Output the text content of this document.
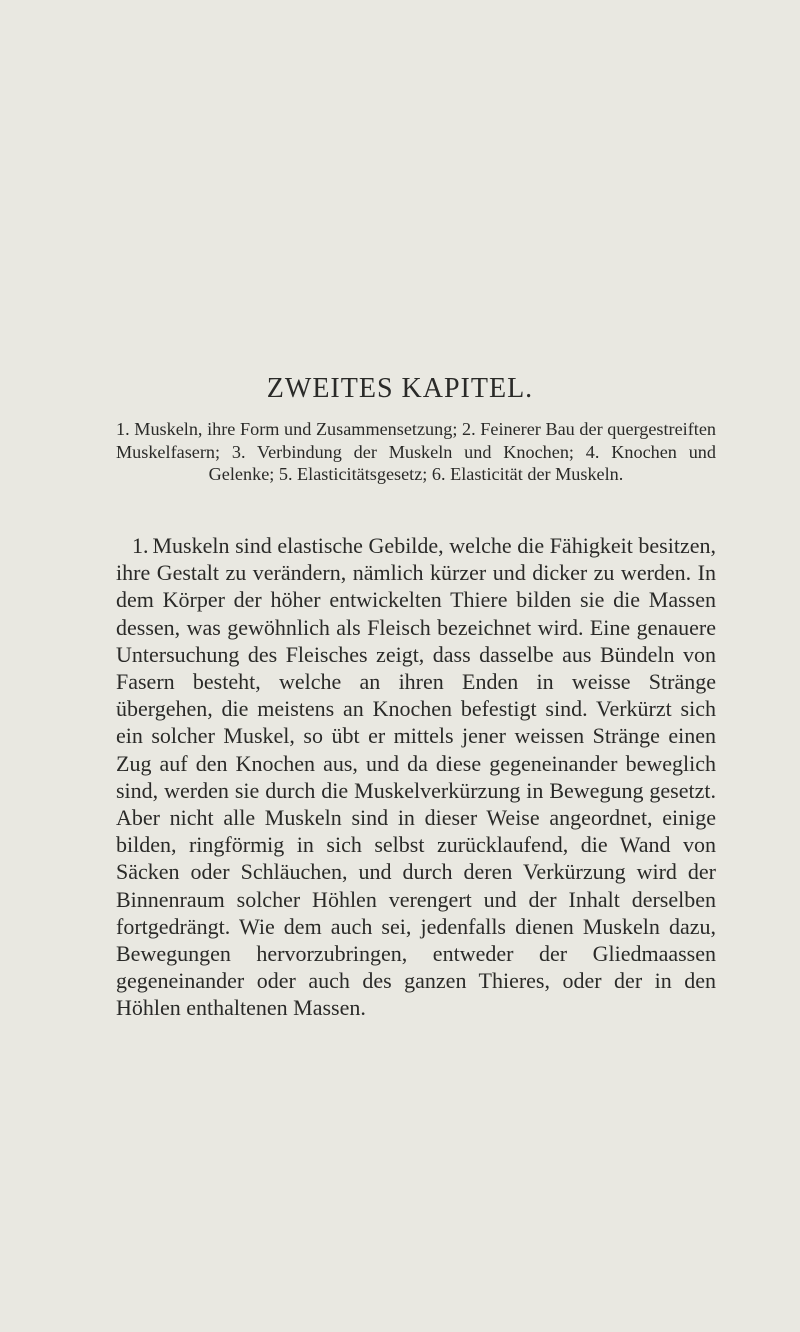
ZWEITES KAPITEL.

1. Muskeln, ihre Form und Zusammensetzung; 2. Feinerer Bau der quergestreiften Muskelfasern; 3. Verbindung der Muskeln und Knochen; 4. Knochen und Gelenke; 5. Elasticitätsgesetz; 6. Elasticität der Muskeln.

1. Muskeln sind elastische Gebilde, welche die Fähigkeit besitzen, ihre Gestalt zu verändern, nämlich kürzer und dicker zu werden. In dem Körper der höher entwickelten Thiere bilden sie die Massen dessen, was gewöhnlich als Fleisch bezeichnet wird. Eine genauere Untersuchung des Fleisches zeigt, dass dasselbe aus Bündeln von Fasern besteht, welche an ihren Enden in weisse Stränge übergehen, die meistens an Knochen befestigt sind. Verkürzt sich ein solcher Muskel, so übt er mittels jener weissen Stränge einen Zug auf den Knochen aus, und da diese gegeneinander beweglich sind, werden sie durch die Muskelverkürzung in Bewegung gesetzt. Aber nicht alle Muskeln sind in dieser Weise angeordnet, einige bilden, ringförmig in sich selbst zurücklaufend, die Wand von Säcken oder Schläuchen, und durch deren Verkürzung wird der Binnenraum solcher Höhlen verengert und der Inhalt derselben fortgedrängt. Wie dem auch sei, jedenfalls dienen Muskeln dazu, Bewegungen hervorzubringen, entweder der Gliedmaassen gegeneinander oder auch des ganzen Thieres, oder der in den Höhlen enthaltenen Massen.
